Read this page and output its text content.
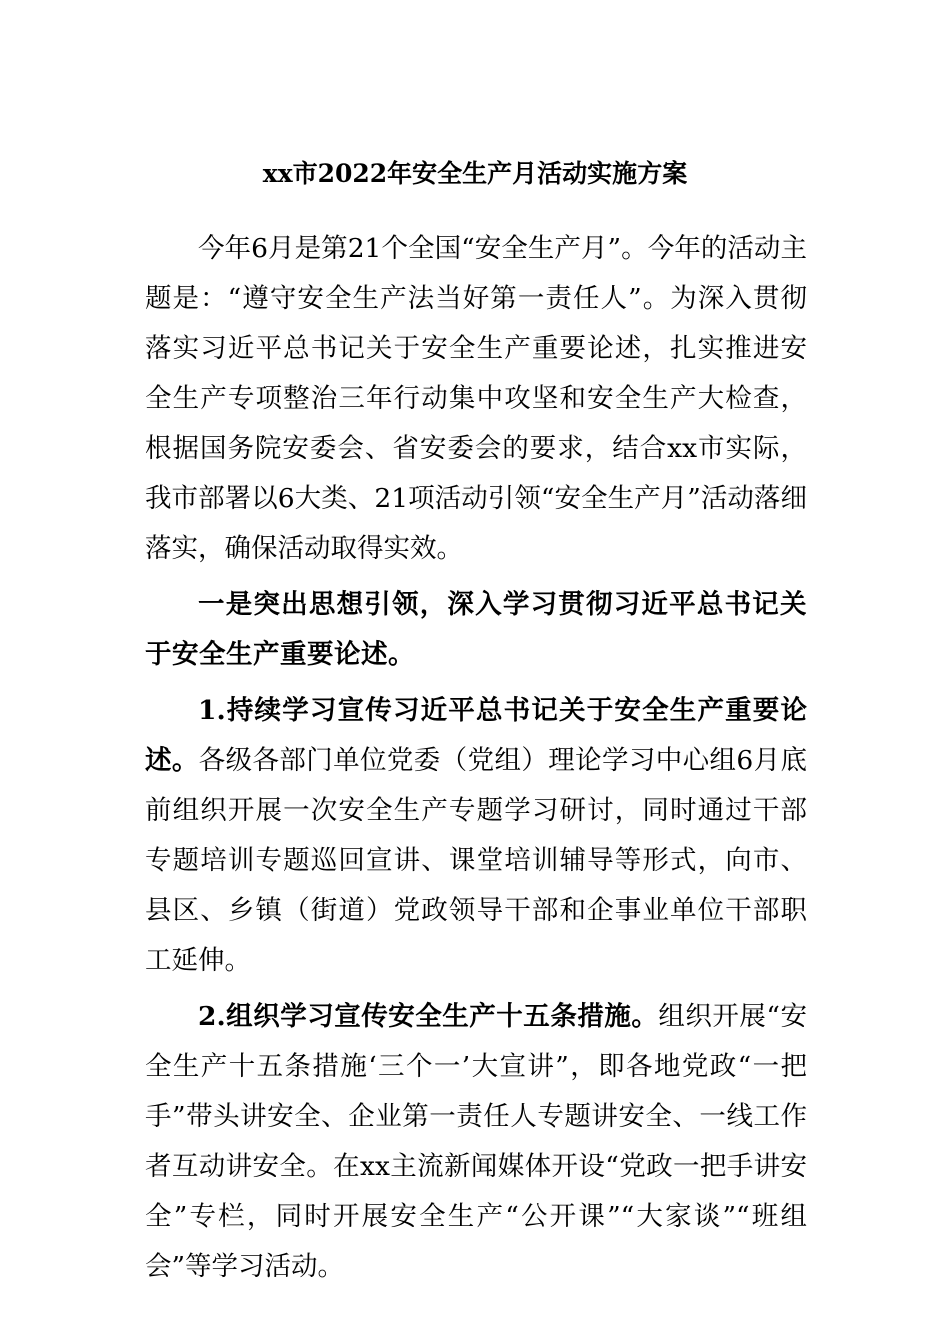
xx市2022年安全生产月活动实施方案

今年6月是第21个全国“安全生产月”。今年的活动主题是：“遵守安全生产法当好第一责任人”。为深入贯彻落实习近平总书记关于安全生产重要论述，扎实推进安全生产专项整治三年行动集中攻坚和安全生产大检查，根据国务院安委会、省安委会的要求，结合xx市实际，我市部署以6大类、21项活动引领“安全生产月”活动落细落实，确保活动取得实效。

一是突出思想引领，深入学习贯彻习近平总书记关于安全生产重要论述。

1.持续学习宣传习近平总书记关于安全生产重要论述。各级各部门单位党委（党组）理论学习中心组6月底前组织开展一次安全生产专题学习研讨，同时通过干部专题培训专题巡回宣讲、课堂培训辅导等形式，向市、县区、乡镇（街道）党政领导干部和企事业单位干部职工延伸。

2.组织学习宣传安全生产十五条措施。组织开展“安全生产十五条措施‘三个一’大宣讲”，即各地党政“一把手”带头讲安全、企业第一责任人专题讲安全、一线工作者互动讲安全。在xx主流新闻媒体开设“党政一把手讲安全”专栏，同时开展安全生产“公开课”“大家谈”“班组会”等学习活动。
